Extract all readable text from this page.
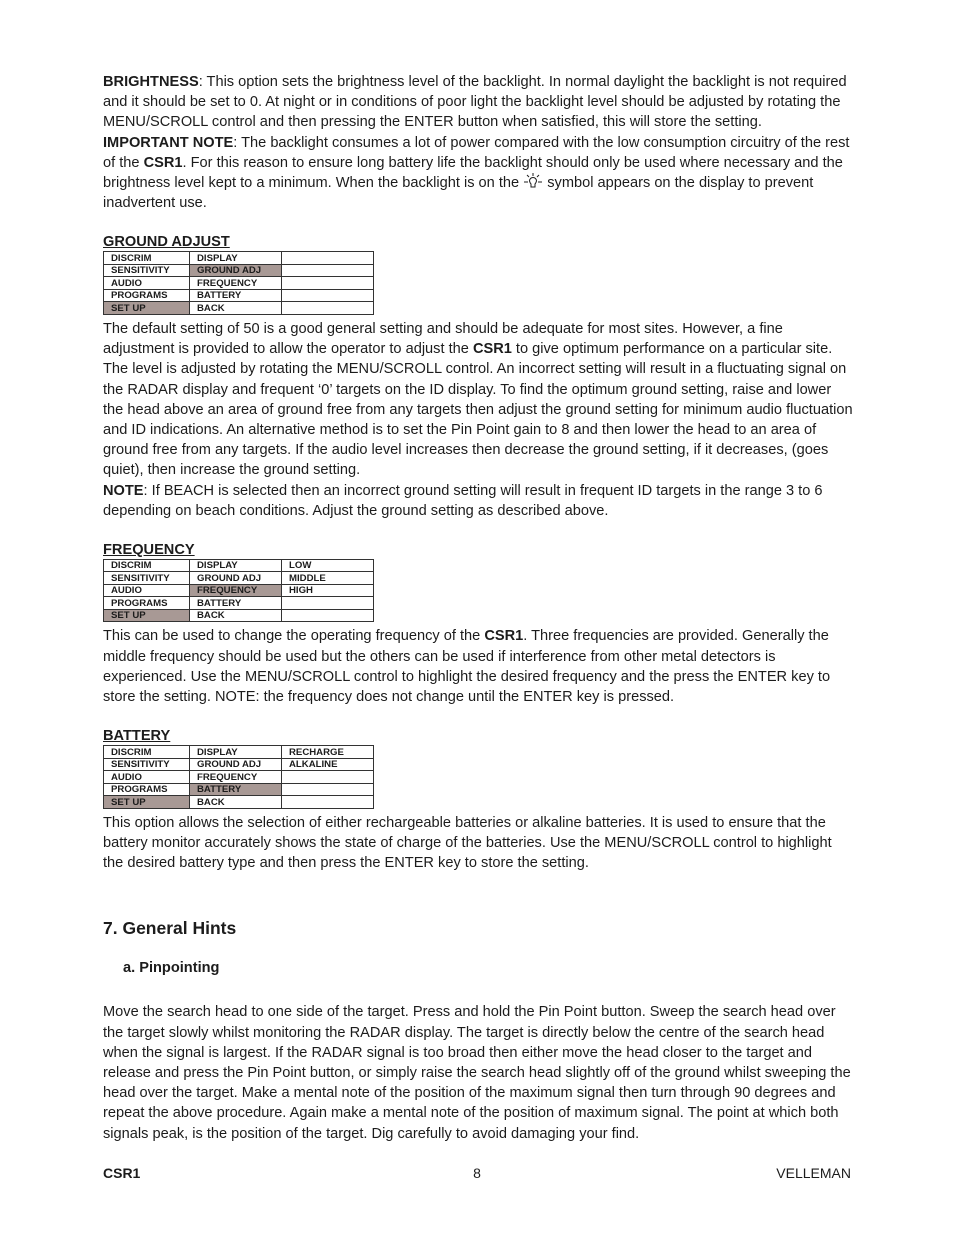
BRIGHTNESS: This option sets the brightness level of the backlight. In normal daylight the backlight is not required and it should be set to 0. At night or in conditions of poor light the backlight level should be adjusted by rotating the MENU/SCROLL control and then pressing the ENTER button when satisfied, this will store the setting.
IMPORTANT NOTE: The backlight consumes a lot of power compared with the low consumption circuitry of the rest of the CSR1. For this reason to ensure long battery life the backlight should only be used where necessary and the brightness level kept to a minimum. When the backlight is on the  symbol appears on the display to prevent inadvertent use.

GROUND ADJUST
DISCRIM	DISPLAY	
SENSITIVITY	GROUND ADJ	
AUDIO	FREQUENCY	
PROGRAMS	BATTERY	
SET UP	BACK	

The default setting of 50 is a good general setting and should be adequate for most sites. However, a fine adjustment is provided to allow the operator to adjust the CSR1 to give optimum performance on a particular site. The level is adjusted by rotating the MENU/SCROLL control. An incorrect setting will result in a fluctuating signal on the RADAR display and frequent ‘0’ targets on the ID display. To find the optimum ground setting, raise and lower the head above an area of ground free from any targets then adjust the ground setting for minimum audio fluctuation and ID indications. An alternative method is to set the Pin Point gain to 8 and then lower the head to an area of ground free from any targets. If the audio level increases then decrease the ground setting, if it decreases, (goes quiet), then increase the ground setting.
NOTE: If BEACH is selected then an incorrect ground setting will result in frequent ID targets in the range 3 to 6 depending on beach conditions. Adjust the ground setting as described above.

FREQUENCY
DISCRIM	DISPLAY	LOW
SENSITIVITY	GROUND ADJ	MIDDLE
AUDIO	FREQUENCY	HIGH
PROGRAMS	BATTERY	
SET UP	BACK	

This can be used to change the operating frequency of the CSR1. Three frequencies are provided. Generally the middle frequency should be used but the others can be used if interference from other metal detectors is experienced. Use the MENU/SCROLL control to highlight the desired frequency and the press the ENTER key to store the setting. NOTE: the frequency does not change until the ENTER key is pressed.

BATTERY
DISCRIM	DISPLAY	RECHARGE
SENSITIVITY	GROUND ADJ	ALKALINE
AUDIO	FREQUENCY	
PROGRAMS	BATTERY	
SET UP	BACK	

This option allows the selection of either rechargeable batteries or alkaline batteries. It is used to ensure that the battery monitor accurately shows the state of charge of the batteries. Use the MENU/SCROLL control to highlight the desired battery type and then press the ENTER key to store the setting.

7. General Hints
a. Pinpointing

Move the search head to one side of the target. Press and hold the Pin Point button. Sweep the search head over the target slowly whilst monitoring the RADAR display. The target is directly below the centre of the search head when the signal is largest. If the RADAR signal is too broad then either move the head closer to the target and release and press the Pin Point button, or simply raise the search head slightly off of the ground whilst sweeping the head over the target. Make a mental note of the position of the maximum signal then turn through 90 degrees and repeat the above procedure. Again make a mental note of the position of maximum signal. The point at which both signals peak, is the position of the target. Dig carefully to avoid damaging your find.

CSR1	8	VELLEMAN
